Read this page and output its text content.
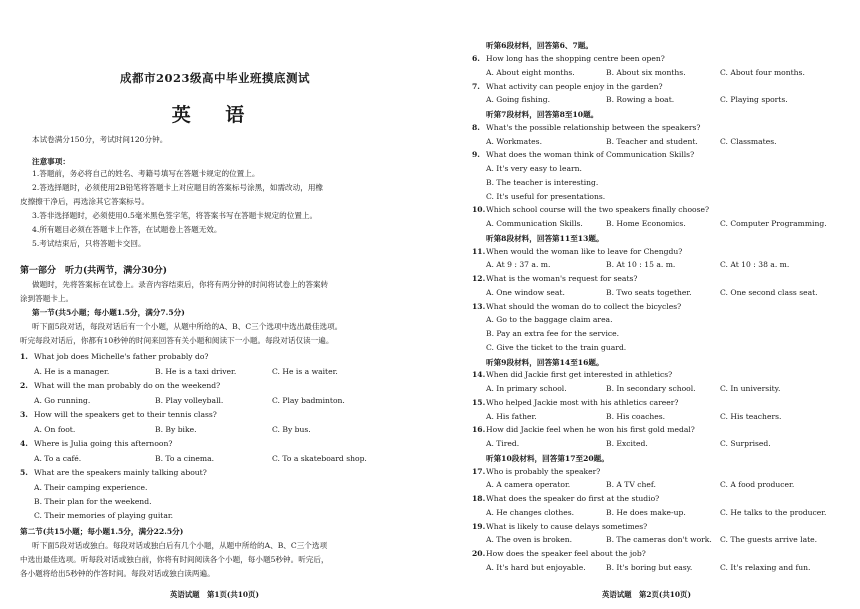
成都市2023级高中毕业班摸底测试
英 语
本试卷满分150分，考试时间120分钟。
注意事项：
1.答题前，务必将自己的姓名、考籍号填写在答题卡规定的位置上。
2.答选择题时，必须使用2B铅笔将答题卡上对应题目的答案标号涂黑，如需改动，用橡
皮擦擦干净后，再选涂其它答案标号。
3.答非选择题时，必须使用0.5毫米黑色签字笔，将答案书写在答题卡规定的位置上。
4.所有题目必须在答题卡上作答，在试题卷上答题无效。
5.考试结束后，只将答题卡交回。
第一部分　听力(共两节，满分30分)
做题时，先将答案标在试卷上。录音内容结束后，你将有两分钟的时间将试卷上的答案转
涂到答题卡上。
第一节(共5小题；每小题1.5分，满分7.5分)
听下面5段对话，每段对话后有一个小题，从题中所给的A、B、C三个选项中选出最佳选项。
听完每段对话后，你都有10秒钟的时间来回答有关小题和阅读下一小题。每段对话仅读一遍。
1. What job does Michelle's father probably do?
A. He is a manager.	B. He is a taxi driver.	C. He is a waiter.
2. What will the man probably do on the weekend?
A. Go running.	B. Play volleyball.	C. Play badminton.
3. How will the speakers get to their tennis class?
A. On foot.	B. By bike.	C. By bus.
4. Where is Julia going this afternoon?
A. To a café.	B. To a cinema.	C. To a skateboard shop.
5. What are the speakers mainly talking about?
A. Their camping experience.
B. Their plan for the weekend.
C. Their memories of playing guitar.
第二节(共15小题；每小题1.5分，满分22.5分)
听下面5段对话或独白。每段对话或独白后有几个小题，从题中所给的A、B、C三个选项
中选出最佳选项。听每段对话或独白前，你将有时间阅读各个小题，每小题5秒钟。听完后，
各小题将给出5秒钟的作答时间。每段对话或独白读两遍。
英语试题　第1页(共10页)
听第6段材料，回答第6、7题。
6. How long has the shopping centre been open?
A. About eight months.	B. About six months.	C. About four months.
7. What activity can people enjoy in the garden?
A. Going fishing.	B. Rowing a boat.	C. Playing sports.
听第7段材料，回答第8至10题。
8. What's the possible relationship between the speakers?
A. Workmates.	B. Teacher and student.	C. Classmates.
9. What does the woman think of Communication Skills?
A. It's very easy to learn.
B. The teacher is interesting.
C. It's useful for presentations.
10.Which school course will the two speakers finally choose?
A. Communication Skills.	B. Home Economics.	C. Computer Programming.
听第8段材料，回答第11至13题。
11.When would the woman like to leave for Chengdu?
A. At 9 : 37 a. m.	B. At 10 : 15 a. m.	C. At 10 : 38 a. m.
12.What is the woman's request for seats?
A. One window seat.	B. Two seats together.	C. One second class seat.
13.What should the woman do to collect the bicycles?
A. Go to the baggage claim area.
B. Pay an extra fee for the service.
C. Give the ticket to the train guard.
听第9段材料，回答第14至16题。
14.When did Jackie first get interested in athletics?
A. In primary school.	B. In secondary school.	C. In university.
15.Who helped Jackie most with his athletics career?
A. His father.	B. His coaches.	C. His teachers.
16.How did Jackie feel when he won his first gold medal?
A. Tired.	B. Excited.	C. Surprised.
听第10段材料，回答第17至20题。
17.Who is probably the speaker?
A. A camera operator.	B. A TV chef.	C. A food producer.
18.What does the speaker do first at the studio?
A. He changes clothes.	B. He does make-up.	C. He talks to the producer.
19.What is likely to cause delays sometimes?
A. The oven is broken.	B. The cameras don't work. C. The guests arrive late.
20.How does the speaker feel about the job?
A. It's hard but enjoyable.	B. It's boring but easy.	C. It's relaxing and fun.
英语试题　第2页(共10页)
